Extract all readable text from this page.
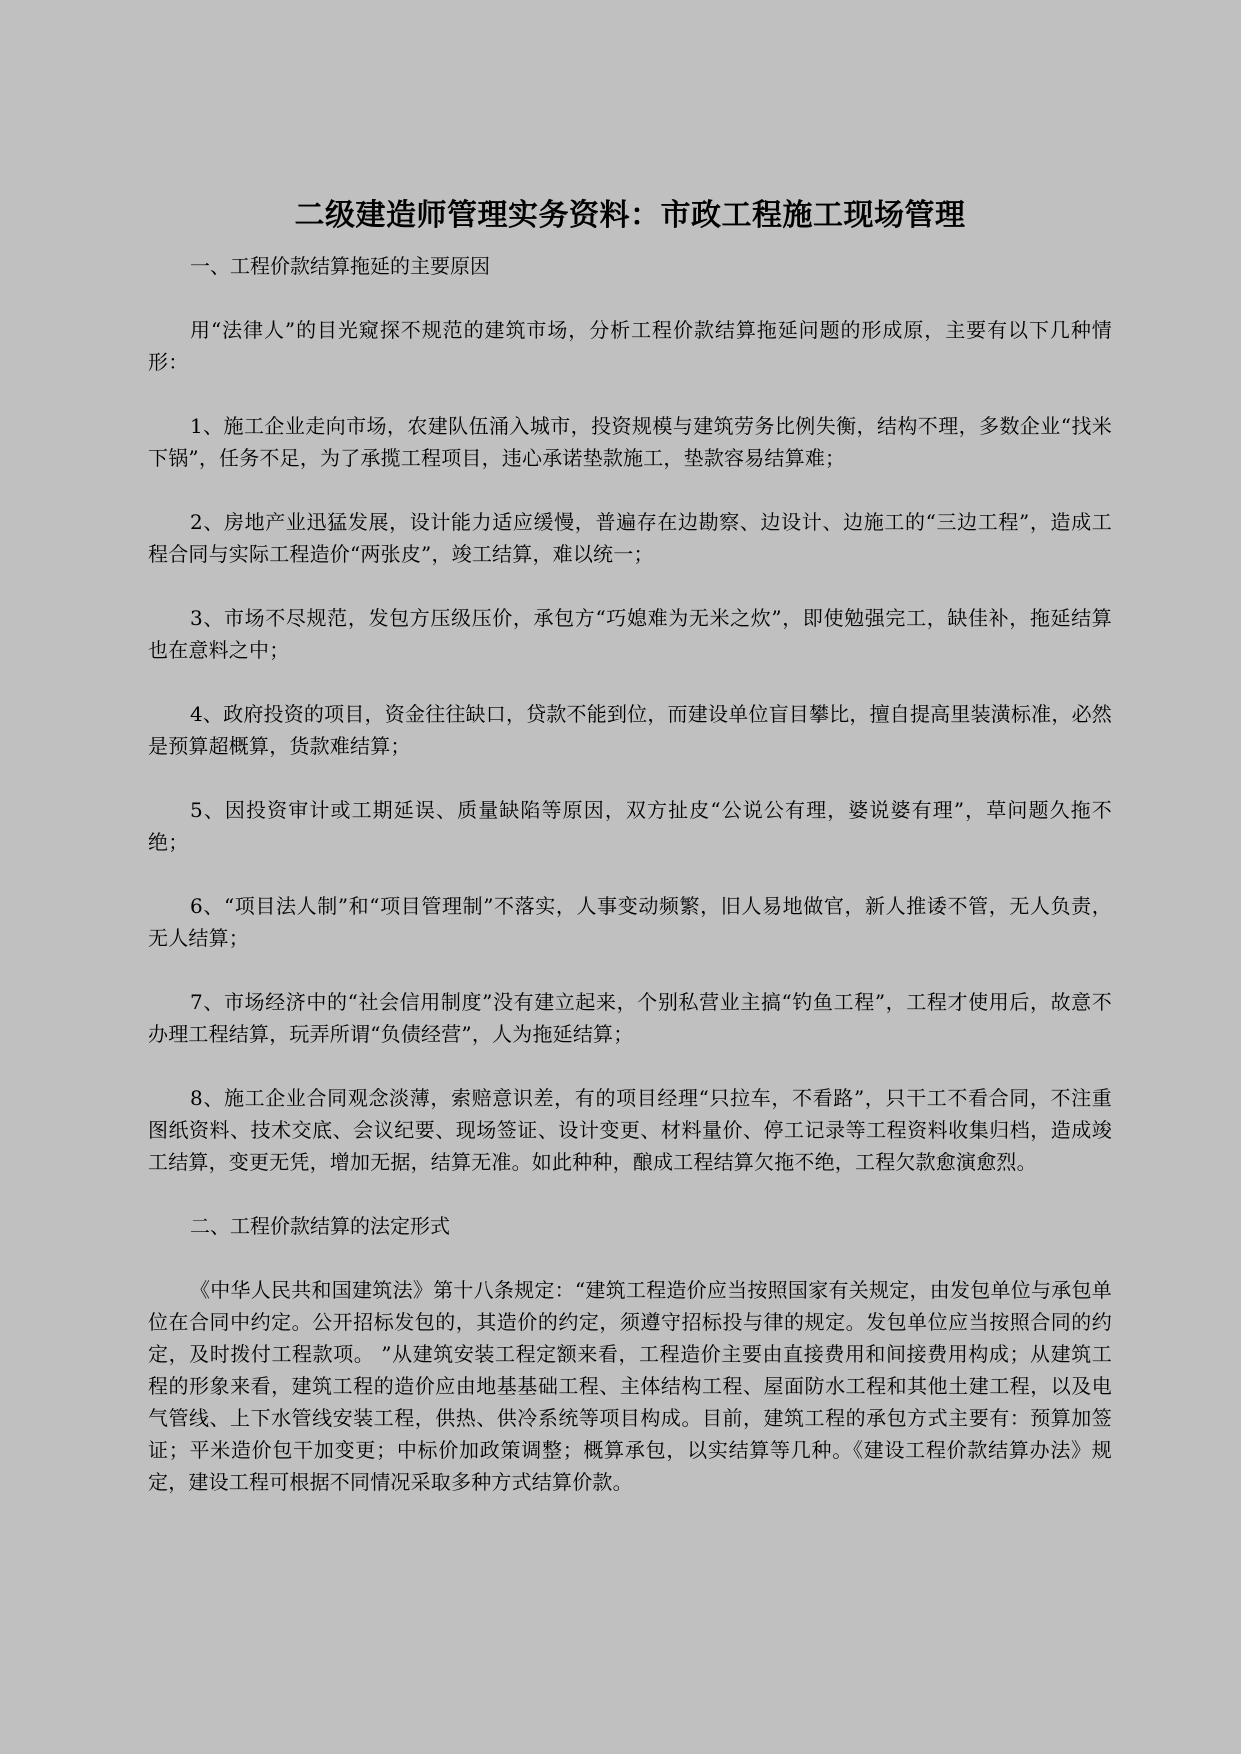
二级建造师管理实务资料：市政工程施工现场管理

一、工程价款结算拖延的主要原因

用“法律人”的目光窥探不规范的建筑市场，分析工程价款结算拖延问题的形成原，主要有以下几种情形：

1、施工企业走向市场，农建队伍涌入城市，投资规模与建筑劳务比例失衡，结构不理，多数企业“找米下锅”，任务不足，为了承揽工程项目，违心承诺垫款施工，垫款容易结算难；

2、房地产业迅猛发展，设计能力适应缓慢，普遍存在边勘察、边设计、边施工的“三边工程”，造成工程合同与实际工程造价“两张皮”，竣工结算，难以统一；

3、市场不尽规范，发包方压级压价，承包方“巧媳难为无米之炊”，即使勉强完工，缺佳补，拖延结算也在意料之中；

4、政府投资的项目，资金往往缺口，贷款不能到位，而建设单位盲目攀比，擅自提高里装潢标准，必然是预算超概算，货款难结算；

5、因投资审计或工期延误、质量缺陷等原因，双方扯皮“公说公有理，婆说婆有理”，草问题久拖不绝；

6、“项目法人制”和“项目管理制”不落实，人事变动频繁，旧人易地做官，新人推诿不管，无人负责，无人结算；

7、市场经济中的“社会信用制度”没有建立起来，个别私营业主搞“钓鱼工程”，工程才使用后，故意不办理工程结算，玩弄所谓“负债经营”，人为拖延结算；

8、施工企业合同观念淡薄，索赔意识差，有的项目经理“只拉车，不看路”，只干工不看合同，不注重图纸资料、技术交底、会议纪要、现场签证、设计变更、材料量价、停工记录等工程资料收集归档，造成竣工结算，变更无凭，增加无据，结算无准。如此种种，酿成工程结算欠拖不绝，工程欠款愈演愈烈。

二、工程价款结算的法定形式

《中华人民共和国建筑法》第十八条规定：“建筑工程造价应当按照国家有关规定，由发包单位与承包单位在合同中约定。公开招标发包的，其造价的约定，须遵守招标投与律的规定。发包单位应当按照合同的约定，及时拨付工程款项。 ”从建筑安装工程定额来看，工程造价主要由直接费用和间接费用构成；从建筑工程的形象来看，建筑工程的造价应由地基基础工程、主体结构工程、屋面防水工程和其他土建工程，以及电气管线、上下水管线安装工程，供热、供冷系统等项目构成。目前，建筑工程的承包方式主要有：预算加签证；平米造价包干加变更；中标价加政策调整；概算承包，以实结算等几种。《建设工程价款结算办法》规定，建设工程可根据不同情况采取多种方式结算价款。
